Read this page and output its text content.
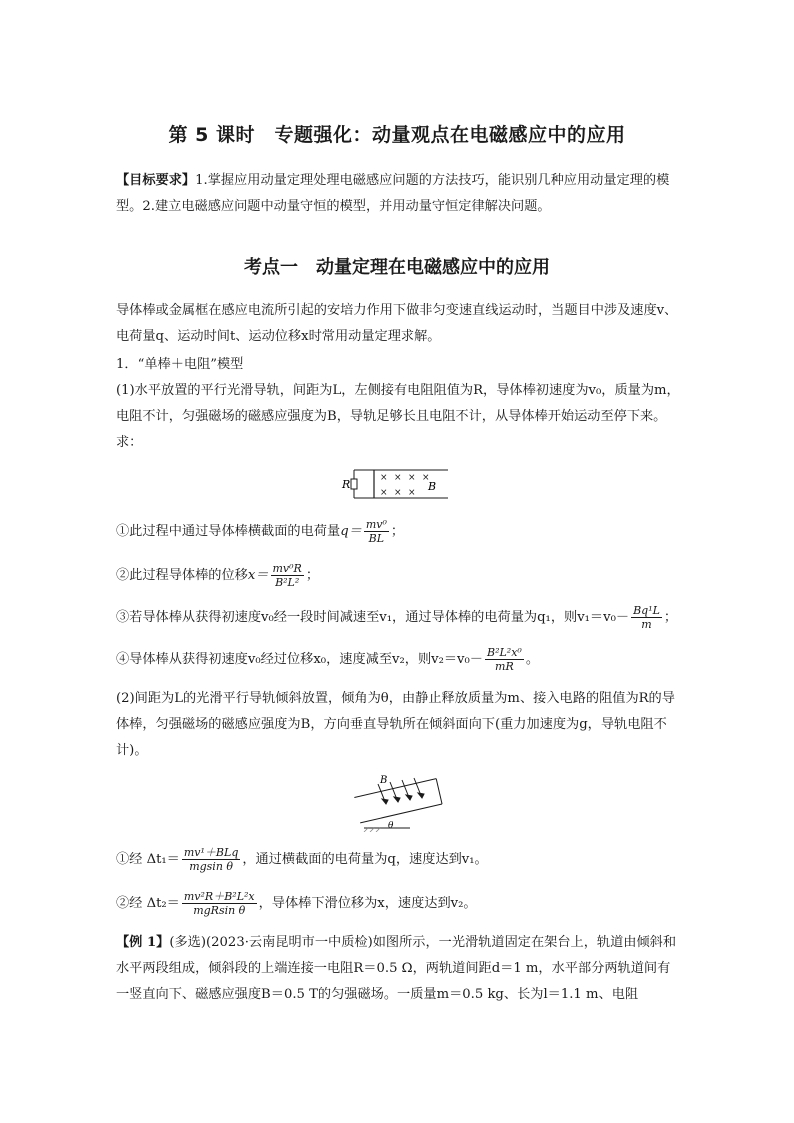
第 5 课时　专题强化：动量观点在电磁感应中的应用
【目标要求】1.掌握应用动量定理处理电磁感应问题的方法技巧，能识别几种应用动量定理的模型。2.建立电磁感应问题中动量守恒的模型，并用动量守恒定律解决问题。
考点一　动量定理在电磁感应中的应用
导体棒或金属框在感应电流所引起的安培力作用下做非匀变速直线运动时，当题目中涉及速度v、电荷量q、运动时间t、运动位移x时常用动量定理求解。
1．“单棒＋电阻”模型
(1)水平放置的平行光滑导轨，间距为L，左侧接有电阻阻值为R，导体棒初速度为v₀，质量为m，电阻不计，匀强磁场的磁感应强度为B，导轨足够长且电阻不计，从导体棒开始运动至停下来。求：
R	B
× × × ×
× × ×
①此过程中通过导体棒横截面的电荷量$q= \frac{\text{mv⁰}}{BL}$ ；
②此过程导体棒的位移$x= \frac{\text{mv⁰R}}{\text{B²L²}}$ ；
③若导体棒从获得初速度v₀经一段时间减速至v₁，通过导体棒的电荷量为q₁，则$v_1=v_0- \frac{\text{Bq¹L}}{m}$ ；
④导体棒从获得初速度v₀经过位移x₀，速度减至v₂，则$v_2=v_0- \frac{\text{B²L²x⁰}}{mR}$ 。
(2)间距为L的光滑平行导轨倾斜放置，倾角为θ，由静止释放质量为m、接入电路的阻值为R的导体棒，匀强磁场的磁感应强度为B，方向垂直导轨所在倾斜面向下(重力加速度为g，导轨电阻不计)。
B
θ
①经 $\Delta t_1= \frac{\text{mv¹＋BLq}}{\text{mgsin θ}}$ ，通过横截面的电荷量为q，速度达到v₁。
②经 $\Delta t_2= \frac{\text{mv²R＋B²L²x}}{\text{mgRsin θ}}$ ，导体棒下滑位移为x，速度达到v₂。
【例 1】(多选)(2023·云南昆明市一中质检)如图所示，一光滑轨道固定在架台上，轨道由倾斜和水平两段组成，倾斜段的上端连接一电阻R＝0.5 Ω，两轨道间距d＝1 m，水平部分两轨道间有一竖直向下、磁感应强度B＝0.5 T的匀强磁场。一质量m＝0.5 kg、长为l＝1.1 m、电阻
